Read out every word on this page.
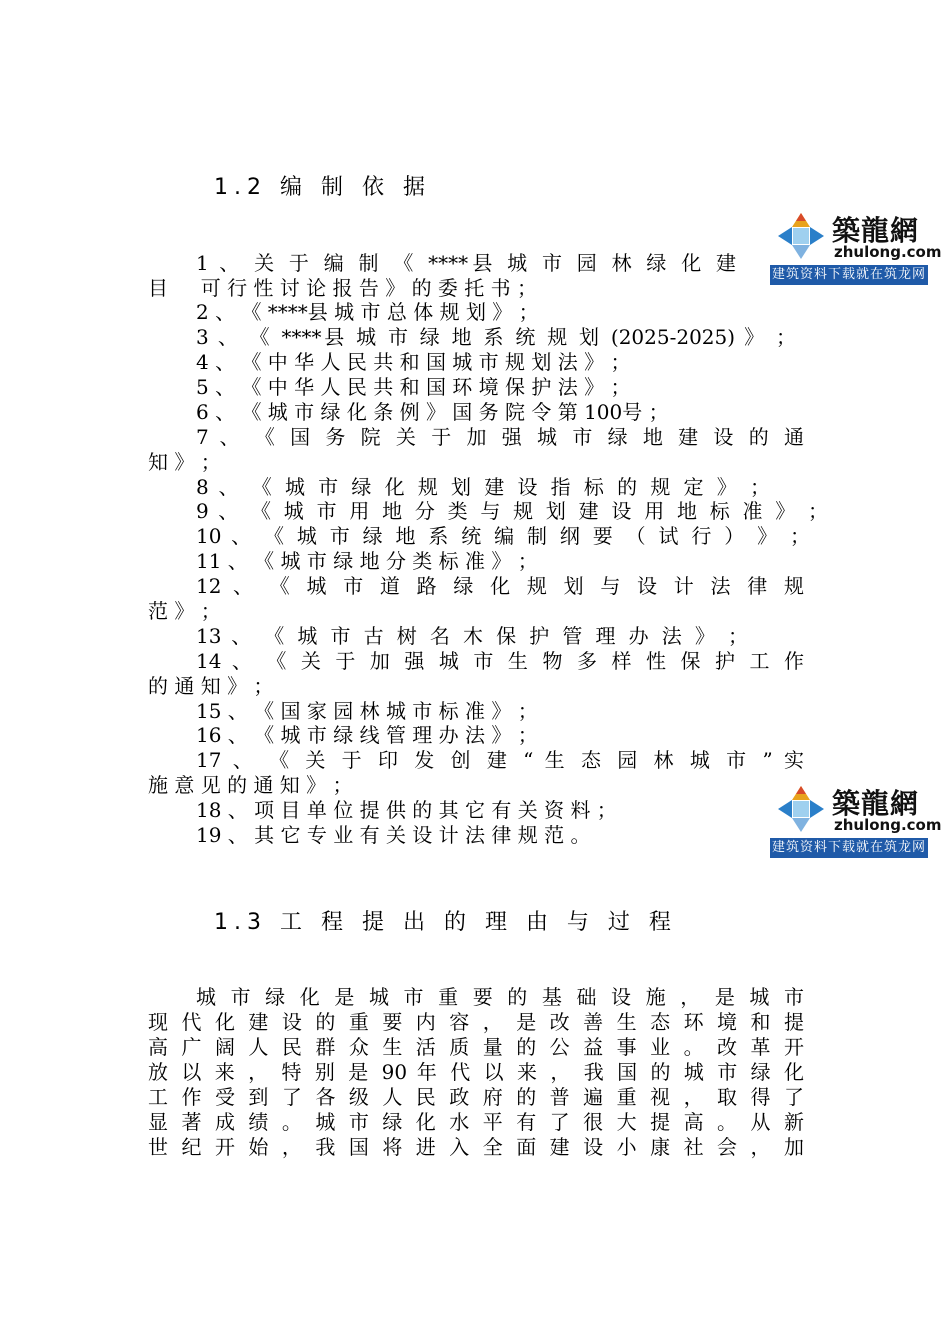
1.2 编 制 依 据
1 、 关 于 编 制 《 ****县 城 市 园 林 绿 化 建
目 　 可 行 性 讨 论 报 告 》 的 委 托 书 ；
2 、 《 ****县 城 市 总 体 规 划 》 ；
3 、 《 ****县 城 市 绿 地 系 统 规 划 (2025-2025) 》 ；
4 、 《 中 华 人 民 共 和 国 城 市 规 划 法 》 ；
5 、 《 中 华 人 民 共 和 国 环 境 保 护 法 》 ；
6 、 《 城 市 绿 化 条 例 》 国 务 院 令 第 100号 ；
7 、 《 国 务 院 关 于 加 强 城 市 绿 地 建 设 的 通
知 》 ；
8 、 《 城 市 绿 化 规 划 建 设 指 标 的 规 定 》 ；
9 、 《 城 市 用 地 分 类 与 规 划 建 设 用 地 标 准 》 ；
10 、 《 城 市 绿 地 系 统 编 制 纲 要 （ 试 行 ） 》 ；
11 、 《 城 市 绿 地 分 类 标 准 》 ；
12 、 《 城 市 道 路 绿 化 规 划 与 设 计 法 律 规
范 》 ；
13 、 《 城 市 古 树 名 木 保 护 管 理 办 法 》 ；
14 、 《 关 于 加 强 城 市 生 物 多 样 性 保 护 工 作
的 通 知 》 ；
15 、 《 国 家 园 林 城 市 标 准 》 ；
16 、 《 城 市 绿 线 管 理 办 法 》 ；
17 、 《 关 于 印 发 创 建 “ 生 态 园 林 城 市 ” 实
施 意 见 的 通 知 》 ；
18 、 项 目 单 位 提 供 的 其 它 有 关 资 料 ；
19 、 其 它 专 业 有 关 设 计 法 律 规 范 。
1.3 工 程 提 出 的 理 由 与 过 程
城 市 绿 化 是 城 市 重 要 的 基 础 设 施 ， 是 城 市
现 代 化 建 设 的 重 要 内 容 ， 是 改 善 生 态 环 境 和 提
高 广 阔 人 民 群 众 生 活 质 量 的 公 益 事 业 。 改 革 开
放 以 来 ， 特 别 是 90 年 代 以 来 ， 我 国 的 城 市 绿 化
工 作 受 到 了 各 级 人 民 政 府 的 普 遍 重 视 ， 取 得 了
显 著 成 绩 。 城 市 绿 化 水 平 有 了 很 大 提 高 。 从 新
世 纪 开 始 ， 我 国 将 进 入 全 面 建 设 小 康 社 会 ， 加
築龍網
zhulong.com
建筑资料下载就在筑龙网
築龍網
zhulong.com
建筑资料下载就在筑龙网
